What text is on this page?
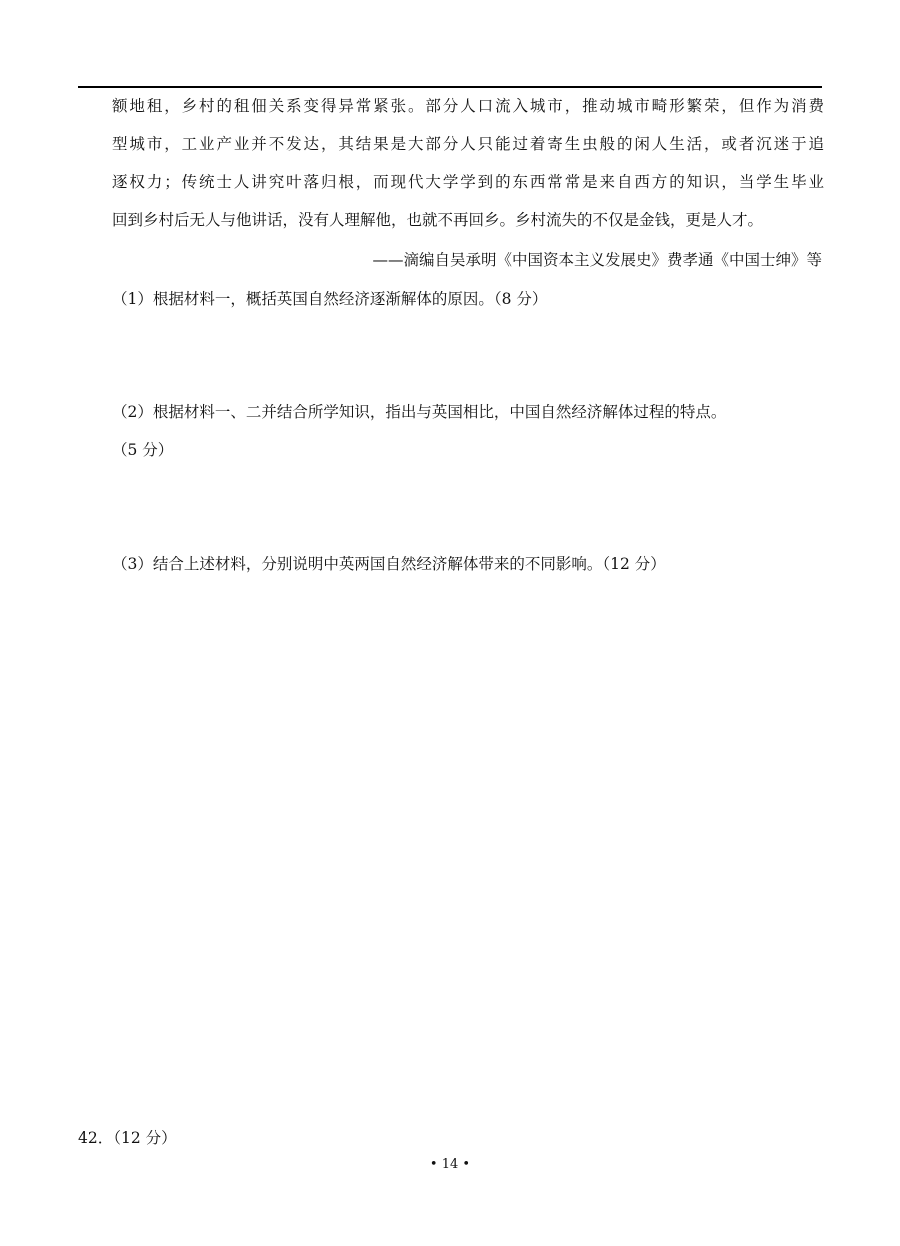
额地租，乡村的租佃关系变得异常紧张。部分人口流入城市，推动城市畸形繁荣，但作为消费
型城市，工业产业并不发达，其结果是大部分人只能过着寄生虫般的闲人生活，或者沉迷于追
逐权力；传统士人讲究叶落归根，而现代大学学到的东西常常是来自西方的知识，当学生毕业
回到乡村后无人与他讲话，没有人理解他，也就不再回乡。乡村流失的不仅是金钱，更是人才。
——滴编自吴承明《中国资本主义发展史》费孝通《中国士绅》等
（1）根据材料一，概括英国自然经济逐渐解体的原因。（8 分）
（2）根据材料一、二并结合所学知识，指出与英国相比，中国自然经济解体过程的特点。
（5 分）
（3）结合上述材料，分别说明中英两国自然经济解体带来的不同影响。（12 分）
42．（12 分）
• 14 •
